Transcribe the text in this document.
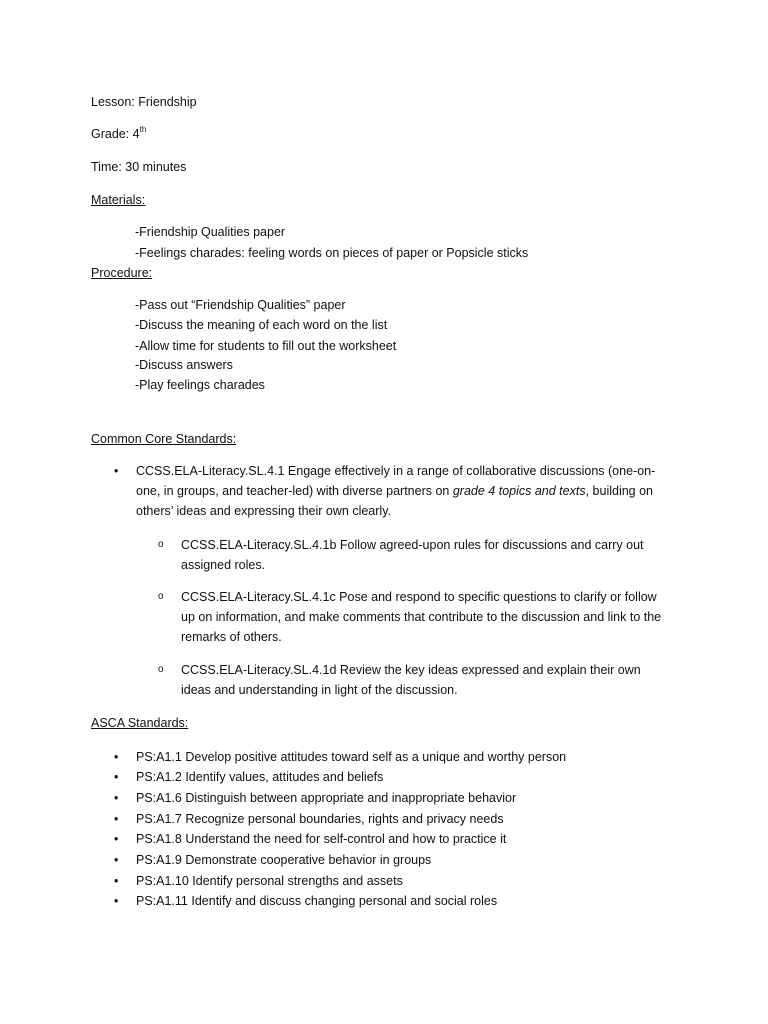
Lesson: Friendship
Grade: 4th
Time: 30 minutes
Materials:
-Friendship Qualities paper
-Feelings charades: feeling words on pieces of paper or Popsicle sticks
Procedure:
-Pass out “Friendship Qualities” paper
-Discuss the meaning of each word on the list
-Allow time for students to fill out the worksheet
-Discuss answers
-Play feelings charades
Common Core Standards:
• CCSS.ELA-Literacy.SL.4.1 Engage effectively in a range of collaborative discussions (one-on-one, in groups, and teacher-led) with diverse partners on grade 4 topics and texts, building on others’ ideas and expressing their own clearly.
o CCSS.ELA-Literacy.SL.4.1b Follow agreed-upon rules for discussions and carry out assigned roles.
o CCSS.ELA-Literacy.SL.4.1c Pose and respond to specific questions to clarify or follow up on information, and make comments that contribute to the discussion and link to the remarks of others.
o CCSS.ELA-Literacy.SL.4.1d Review the key ideas expressed and explain their own ideas and understanding in light of the discussion.
ASCA Standards:
• PS:A1.1 Develop positive attitudes toward self as a unique and worthy person
• PS:A1.2 Identify values, attitudes and beliefs
• PS:A1.6 Distinguish between appropriate and inappropriate behavior
• PS:A1.7 Recognize personal boundaries, rights and privacy needs
• PS:A1.8 Understand the need for self-control and how to practice it
• PS:A1.9 Demonstrate cooperative behavior in groups
• PS:A1.10 Identify personal strengths and assets
• PS:A1.11 Identify and discuss changing personal and social roles
